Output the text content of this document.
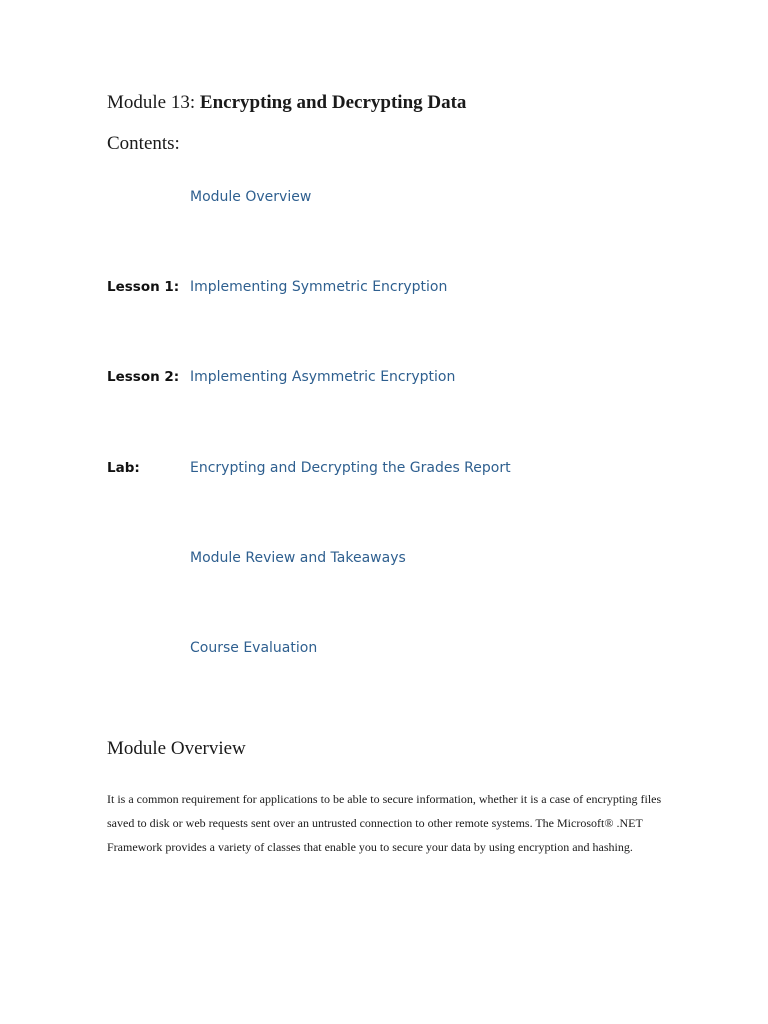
Module 13: Encrypting and Decrypting Data
Contents:
Module Overview
Lesson 1: Implementing Symmetric Encryption
Lesson 2: Implementing Asymmetric Encryption
Lab:	Encrypting and Decrypting the Grades Report
Module Review and Takeaways
Course Evaluation
Module Overview
It is a common requirement for applications to be able to secure information, whether it is a case of encrypting files saved to disk or web requests sent over an untrusted connection to other remote systems. The Microsoft® .NET Framework provides a variety of classes that enable you to secure your data by using encryption and hashing.
